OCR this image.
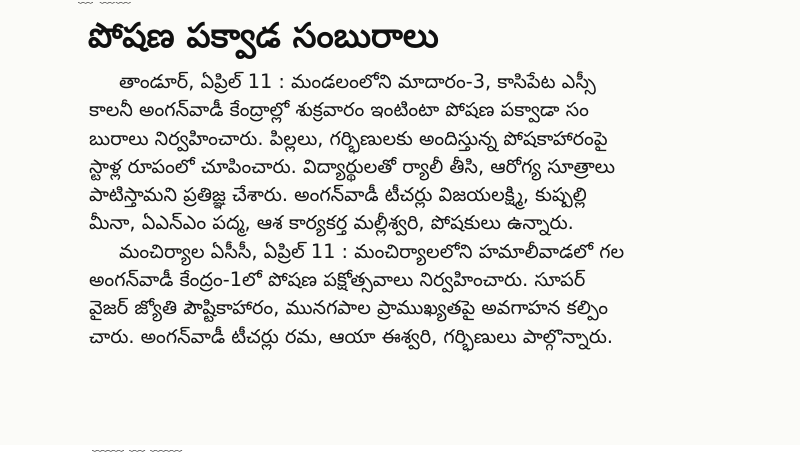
పోషణ పక్వాడ సంబురాలు
తాండూర్, ఏప్రిల్ 11 : మండలంలోని మాదారం-3, కాసిపేట ఎస్సీ
కాలనీ అంగన్‌వాడీ కేంద్రాల్లో శుక్రవారం ఇంటింటా పోషణ పక్వాడా సం
బురాలు నిర్వహించారు. పిల్లలు, గర్భిణులకు అందిస్తున్న పోషకాహారంపై
స్టాళ్ల రూపంలో చూపించారు. విద్యార్థులతో ర్యాలీ తీసి, ఆరోగ్య సూత్రాలు
పాటిస్తామని ప్రతిజ్ఞ చేశారు. అంగన్‌వాడీ టీచర్లు విజయలక్ష్మి, కుష్పల్లి
మీనా, ఏఎన్ఎం పద్మ, ఆశ కార్యకర్త మల్లీశ్వరి, పోషకులు ఉన్నారు.
మంచిర్యాల ఏసీసీ, ఏప్రిల్ 11 : మంచిర్యాలలోని హమాలీవాడలో గల
అంగన్‌వాడీ కేంద్రం-1లో పోషణ పక్షోత్సవాలు నిర్వహించారు. సూపర్
వైజర్ జ్యోతి పౌష్టికాహారం, మునగపాల ప్రాముఖ్యతపై అవగాహన కల్పిం
చారు. అంగన్‌వాడీ టీచర్లు రమ, ఆయా ఈశ్వరి, గర్భిణులు పాల్గొన్నారు.
﹏﹏ ﹏ ﹏﹏
